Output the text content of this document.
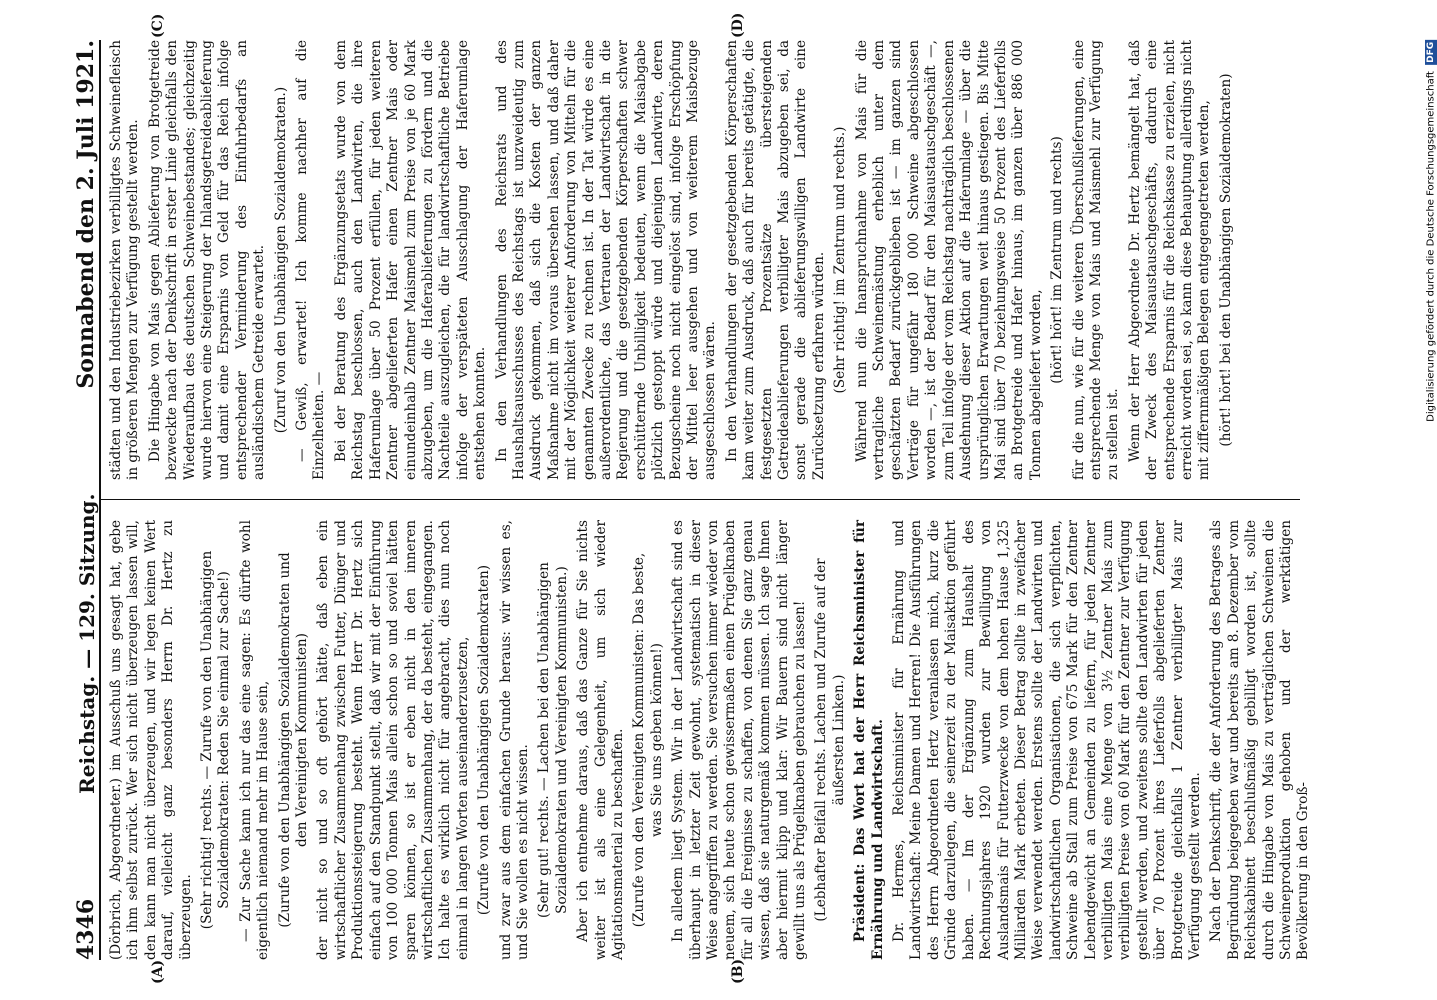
4346
Reichstag. — 129. Sitzung.
Sonnabend den 2. Juli 1921.
(A)	(B)
(C)	(D)

(Dörbrich, Abgeordneter.) im Ausschuß uns gesagt hat, gebe ich ihm selbst zurück. Wer sich nicht überzeugen lassen will, den kann man nicht überzeugen, und wir legen keinen Wert darauf, vielleicht ganz besonders Herrn Dr. Hertz zu überzeugen. (Sehr richtig! rechts. — Zurufe von den Unabhängigen Sozialdemokraten: Reden Sie einmal zur Sache!) — Zur Sache kann ich nur das eine sagen: Es dürfte wohl eigentlich niemand mehr im Hause sein, (Zurufe von den Unabhängigen Sozialdemokraten und den Vereinigten Kommunisten) der nicht so und so oft gehört hätte, daß eben ein wirtschaftlicher Zusammenhang zwischen Futter, Dünger und Produktionssteigerung besteht. Wenn Herr Dr. Hertz sich einfach auf den Standpunkt stellt, daß wir mit der Einführung von 100 000 Tonnen Mais allein schon so und soviel hätten sparen können, so ist er eben nicht in den inneren wirtschaftlichen Zusammenhang, der da besteht, eingegangen. Ich halte es wirklich nicht für angebracht, dies nun noch einmal in langen Worten auseinanderzusetzen, (Zurufe von den Unabhängigen Sozialdemokraten) und zwar aus dem einfachen Grunde heraus: wir wissen es, und Sie wollen es nicht wissen. (Sehr gut! rechts. — Lachen bei den Unabhängigen Sozialdemokraten und Vereinigten Kommunisten.) Aber ich entnehme daraus, daß das Ganze für Sie nichts weiter ist als eine Gelegenheit, um sich wieder Agitationsmaterial zu beschaffen. (Zurufe von den Vereinigten Kommunisten: Das beste, was Sie uns geben können!) In alledem liegt System. Wir in der Landwirtschaft sind es überhaupt in letzter Zeit gewohnt, systematisch in dieser Weise angegriffen zu werden. Sie versuchen immer wieder von neuem, sich heute schon gewissermaßen einen Prügelknaben für all die Ereignisse zu schaffen, von denen Sie ganz genau wissen, daß sie naturgemäß kommen müssen. Ich sage Ihnen aber hiermit klipp und klar: Wir Bauern sind nicht länger gewillt uns als Prügelknaben gebrauchen zu lassen! (Lebhafter Beifall rechts. Lachen und Zurufe auf der äußersten Linken.) Präsident: Das Wort hat der Herr Reichsminister für Ernährung und Landwirtschaft. Dr. Hermes, Reichsminister für Ernährung und Landwirtschaft: Meine Damen und Herren! Die Ausführungen des Herrn Abgeordneten Hertz veranlassen mich, kurz die Gründe darzulegen, die seinerzeit zu der Maisaktion geführt haben. — Im der Ergänzung zum Haushalt des Rechnungsjahres 1920 wurden zur Bewilligung von Auslandsmais für Futterzwecke von dem hohen Hause 1,325 Milliarden Mark erbeten. Dieser Betrag sollte in zweifacher Weise verwendet werden. Erstens sollte der Landwirten und landwirtschaftlichen Organisationen, die sich verpflichten, Schweine ab Stall zum Preise von 675 Mark für den Zentner Lebendgewicht an Gemeinden zu liefern, für jeden Zentner verbilligten Mais eine Menge von 3½ Zentner Mais zum verbilligten Preise von 60 Mark für den Zentner zur Verfügung gestellt werden, und zweitens sollte den Landwirten für jeden über 70 Prozent ihres Lieferfolls abgelieferten Zentner Brotgetreide gleichfalls 1 Zentner verbilligter Mais zur Verfügung gestellt werden. Nach der Denkschrift, die der Anforderung des Betrages als Begründung beigegeben war und bereits am 8. Dezember vom Reichskabinett beschlußmäßig gebilligt worden ist, sollte durch die Hingabe von Mais zu verträglichen Schweinen die Schweineproduktion gehoben und der werktätigen Bevölkerung in den Groß-

städten und den Industriebezirken verbilligtes Schweinefleisch in größeren Mengen zur Verfügung gestellt werden. Die Hingabe von Mais gegen Ablieferung von Brotgetreide bezweckte nach der Denkschrift in erster Linie gleichfalls den Wiederaufbau des deutschen Schweinebestandes; gleichzeitig wurde hiervon eine Steigerung der Inlandsgetreideablieferung und damit eine Ersparnis von Geld für das Reich infolge entsprechender Verminderung des Einfuhrbedarfs an ausländischem Getreide erwartet. (Zuruf von den Unabhängigen Sozialdemokraten.) — Gewiß, erwartet! Ich komme nachher auf die Einzelheiten. — Bei der Beratung des Ergänzungsetats wurde von dem Reichstag beschlossen, auch den Landwirten, die ihre Haferumlage über 50 Prozent erfüllen, für jeden weiteren Zentner abgelieferten Hafer einen Zentner Mais oder einundeinhalb Zentner Maismehl zum Preise von je 60 Mark abzugeben, um die Haferablieferungen zu fördern und die Nachteile auszugleichen, die für landwirtschaftliche Betriebe infolge der verspäteten Ausschlagung der Haferumlage entstehen konnten. In den Verhandlungen des Reichsrats und des Haushaltsausschusses des Reichstags ist unzweideutig zum Ausdruck gekommen, daß sich die Kosten der ganzen Maßnahme nicht im voraus übersehen lassen, und daß daher mit der Möglichkeit weiterer Anforderung von Mitteln für die genannten Zwecke zu rechnen ist. In der Tat würde es eine außerordentliche, das Vertrauen der Landwirtschaft in die Regierung und die gesetzgebenden Körperschaften schwer erschütternde Unbilligkeit bedeuten, wenn die Maisabgabe plötzlich gestoppt würde und diejenigen Landwirte, deren Bezugscheine noch nicht eingelöst sind, infolge Erschöpfung der Mittel leer ausgehen und von weiterem Maisbezuge ausgeschlossen wären. In den Verhandlungen der gesetzgebenden Körperschaften kam weiter zum Ausdruck, daß auch für bereits getätigte, die festgesetzten Prozentsätze übersteigenden Getreideablieferungen verbilligter Mais abzugeben sei, da sonst gerade die ablieferungswilligen Landwirte eine Zurücksetzung erfahren würden. (Sehr richtig! im Zentrum und rechts.) Während nun die Inanspruchnahme von Mais für die vertragliche Schweinemästung erheblich unter dem geschätzten Bedarf zurückgeblieben ist — im ganzen sind Verträge für ungefähr 180 000 Schweine abgeschlossen worden —, ist der Bedarf für den Maisaustauschgeschäft —, zum Teil infolge der vom Reichstag nachträglich beschlossenen Ausdehnung dieser Aktion auf die Haferumlage — über die ursprünglichen Erwartungen weit hinaus gestiegen. Bis Mitte Mai sind über 70 beziehungsweise 50 Prozent des Lieferfolls an Brotgetreide und Hafer hinaus, im ganzen über 886 000 Tonnen abgeliefert worden,

(hört! hört! im Zentrum und rechts) für die nun, wie für die weiteren Überschußlieferungen, eine entsprechende Menge von Mais und Maismehl zur Verfügung zu stellen ist. Wenn der Herr Abgeordnete Dr. Hertz bemängelt hat, daß der Zweck des Maisaustauschgeschäfts, dadurch eine entsprechende Ersparnis für die Reichskasse zu erzielen, nicht erreicht worden sei, so kann diese Behauptung allerdings nicht mit ziffernmäßigen Belegen entgegengetreten werden, (hört! hört! bei den Unabhängigen Sozialdemokraten)	Digitalisierung gefördert durch die Deutsche Forschungsgemeinschaft
DFG
